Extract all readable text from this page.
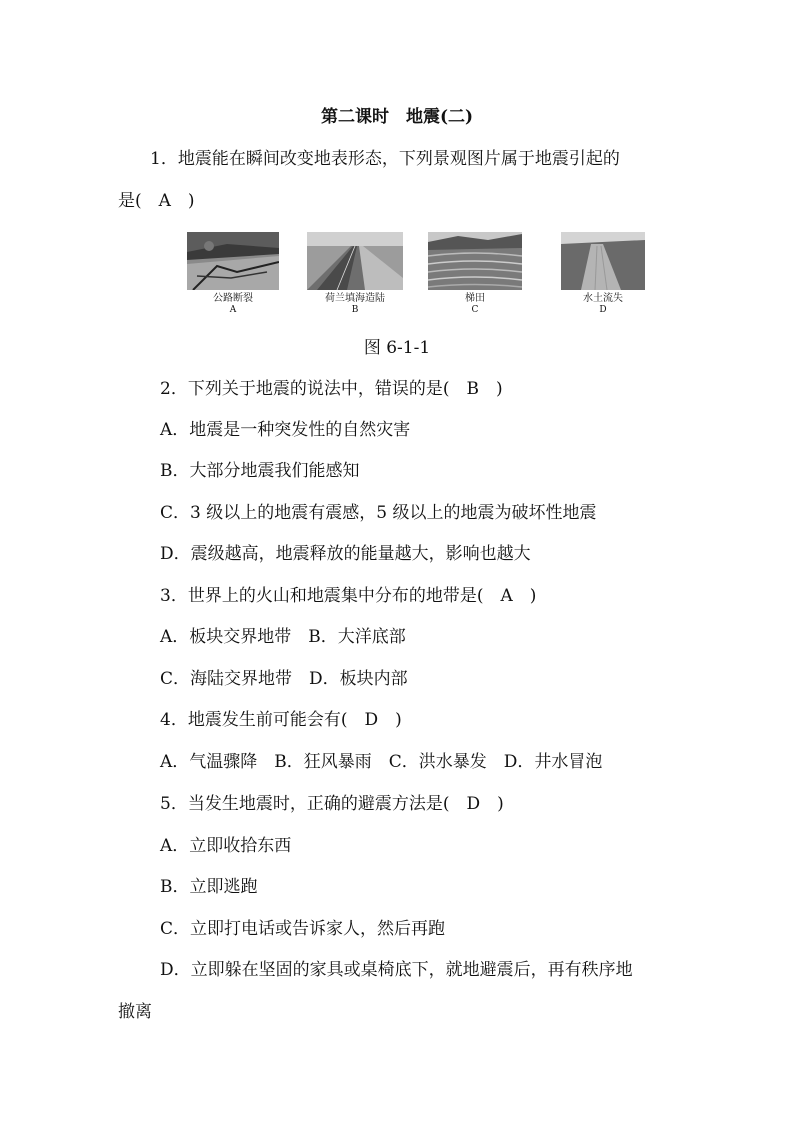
第二课时　地震(二)
1．地震能在瞬间改变地表形态，下列景观图片属于地震引起的
是(　A　)
公路断裂
A
荷兰填海造陆
B
梯田
C
水土流失
D
图 6-1-1
2．下列关于地震的说法中，错误的是(　B　)
A．地震是一种突发性的自然灾害
B．大部分地震我们能感知
C．3 级以上的地震有震感，5 级以上的地震为破坏性地震
D．震级越高，地震释放的能量越大，影响也越大
3．世界上的火山和地震集中分布的地带是(　A　)
A．板块交界地带　B．大洋底部
C．海陆交界地带　D．板块内部
4．地震发生前可能会有(　D　)
A．气温骤降　B．狂风暴雨　C．洪水暴发　D．井水冒泡
5．当发生地震时，正确的避震方法是(　D　)
A．立即收拾东西
B．立即逃跑
C．立即打电话或告诉家人，然后再跑
D．立即躲在坚固的家具或桌椅底下，就地避震后，再有秩序地
撤离
